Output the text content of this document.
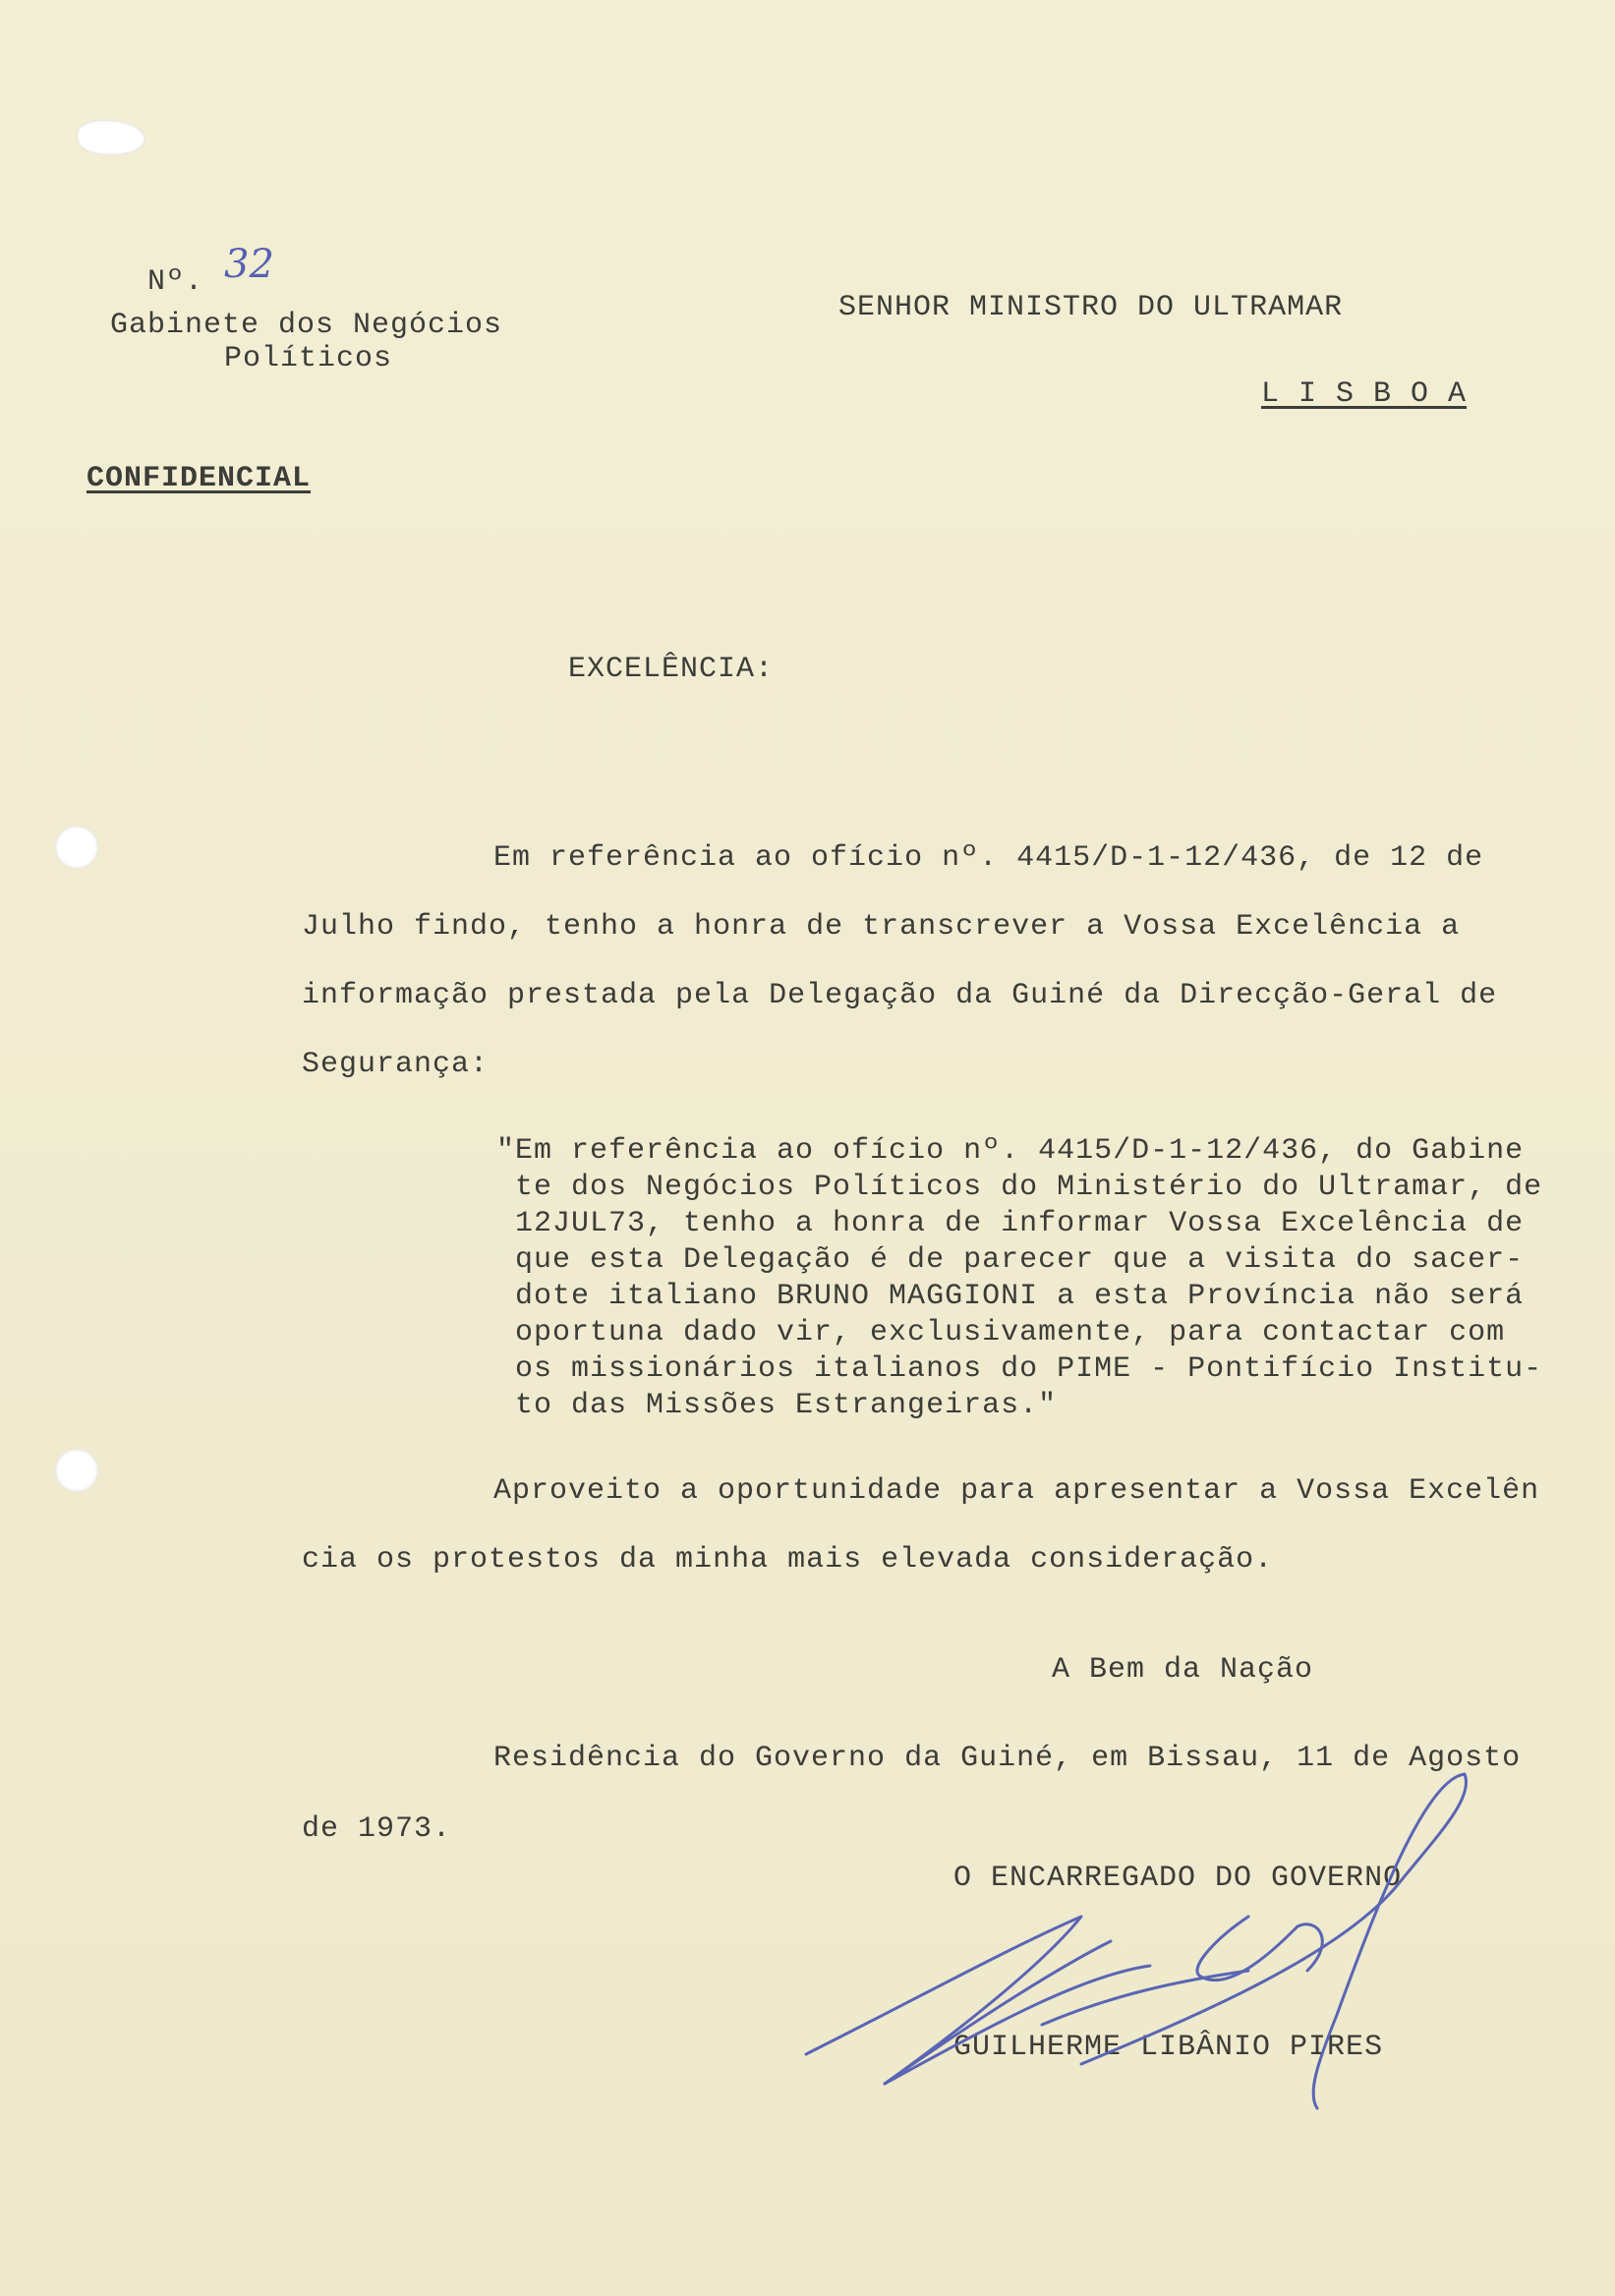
Nº. 32
Gabinete dos Negócios
Políticos
SENHOR MINISTRO DO ULTRAMAR
L I S B O A
CONFIDENCIAL
EXCELÊNCIA:
Em referência ao ofício nº. 4415/D-1-12/436, de 12 de
Julho findo, tenho a honra de transcrever a Vossa Excelência a
informação prestada pela Delegação da Guiné da Direcção-Geral de
Segurança:
"Em referência ao ofício nº. 4415/D-1-12/436, do Gabine
te dos Negócios Políticos do Ministério do Ultramar, de
12JUL73, tenho a honra de informar Vossa Excelência de
que esta Delegação é de parecer que a visita do sacer-
dote italiano BRUNO MAGGIONI a esta Província não será
oportuna dado vir, exclusivamente, para contactar com
os missionários italianos do PIME - Pontifício Institu-
to das Missões Estrangeiras."
Aproveito a oportunidade para apresentar a Vossa Excelên
cia os protestos da minha mais elevada consideração.
A Bem da Nação
Residência do Governo da Guiné, em Bissau, 11 de Agosto
de 1973.
O ENCARREGADO DO GOVERNO
GUILHERME LIBÂNIO PIRES
